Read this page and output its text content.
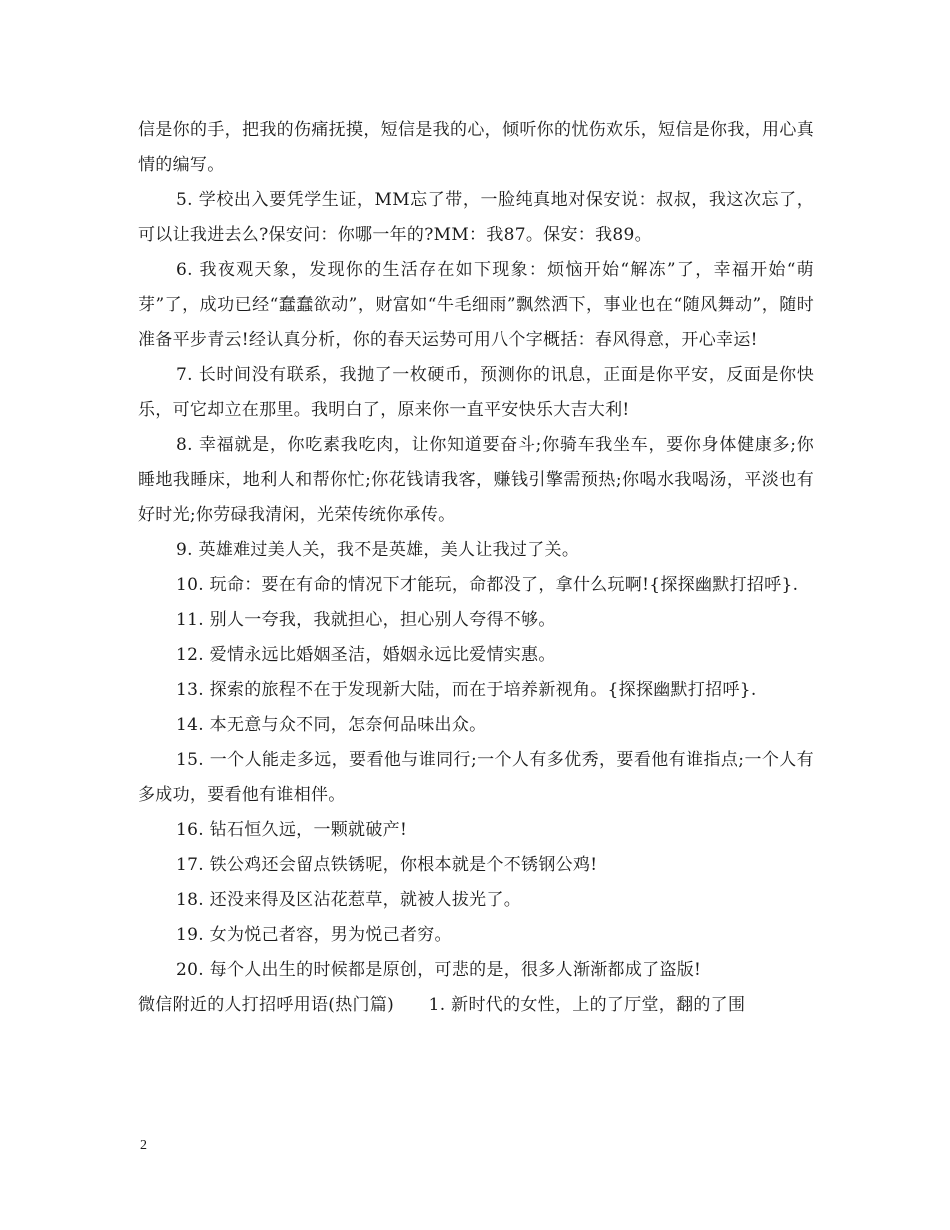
信是你的手，把我的伤痛抚摸，短信是我的心，倾听你的忧伤欢乐，短信是你我，用心真情的编写。

5. 学校出入要凭学生证，MM忘了带，一脸纯真地对保安说：叔叔，我这次忘了，可以让我进去么?保安问：你哪一年的?MM：我87。保安：我89。

6. 我夜观天象，发现你的生活存在如下现象：烦恼开始“解冻”了，幸福开始“萌芽”了，成功已经“蠢蠢欲动”，财富如“牛毛细雨”飘然洒下，事业也在“随风舞动”，随时准备平步青云!经认真分析，你的春天运势可用八个字概括：春风得意，开心幸运!

7. 长时间没有联系，我抛了一枚硬币，预测你的讯息，正面是你平安，反面是你快乐，可它却立在那里。我明白了，原来你一直平安快乐大吉大利!

8. 幸福就是，你吃素我吃肉，让你知道要奋斗;你骑车我坐车，要你身体健康多;你睡地我睡床，地利人和帮你忙;你花钱请我客，赚钱引擎需预热;你喝水我喝汤，平淡也有好时光;你劳碌我清闲，光荣传统你承传。

9. 英雄难过美人关，我不是英雄，美人让我过了关。

10. 玩命：要在有命的情况下才能玩，命都没了，拿什么玩啊!{探探幽默打招呼}.

11. 别人一夸我，我就担心，担心别人夸得不够。

12. 爱情永远比婚姻圣洁，婚姻永远比爱情实惠。

13. 探索的旅程不在于发现新大陆，而在于培养新视角。{探探幽默打招呼}.

14. 本无意与众不同，怎奈何品味出众。

15. 一个人能走多远，要看他与谁同行;一个人有多优秀，要看他有谁指点;一个人有多成功，要看他有谁相伴。

16. 钻石恒久远，一颗就破产!

17. 铁公鸡还会留点铁锈呢，你根本就是个不锈钢公鸡!

18. 还没来得及区沾花惹草，就被人拔光了。

19. 女为悦己者容，男为悦己者穷。

20. 每个人出生的时候都是原创，可悲的是，很多人渐渐都成了盗版!

微信附近的人打招呼用语(热门篇)　　1. 新时代的女性，上的了厅堂，翻的了围

2
